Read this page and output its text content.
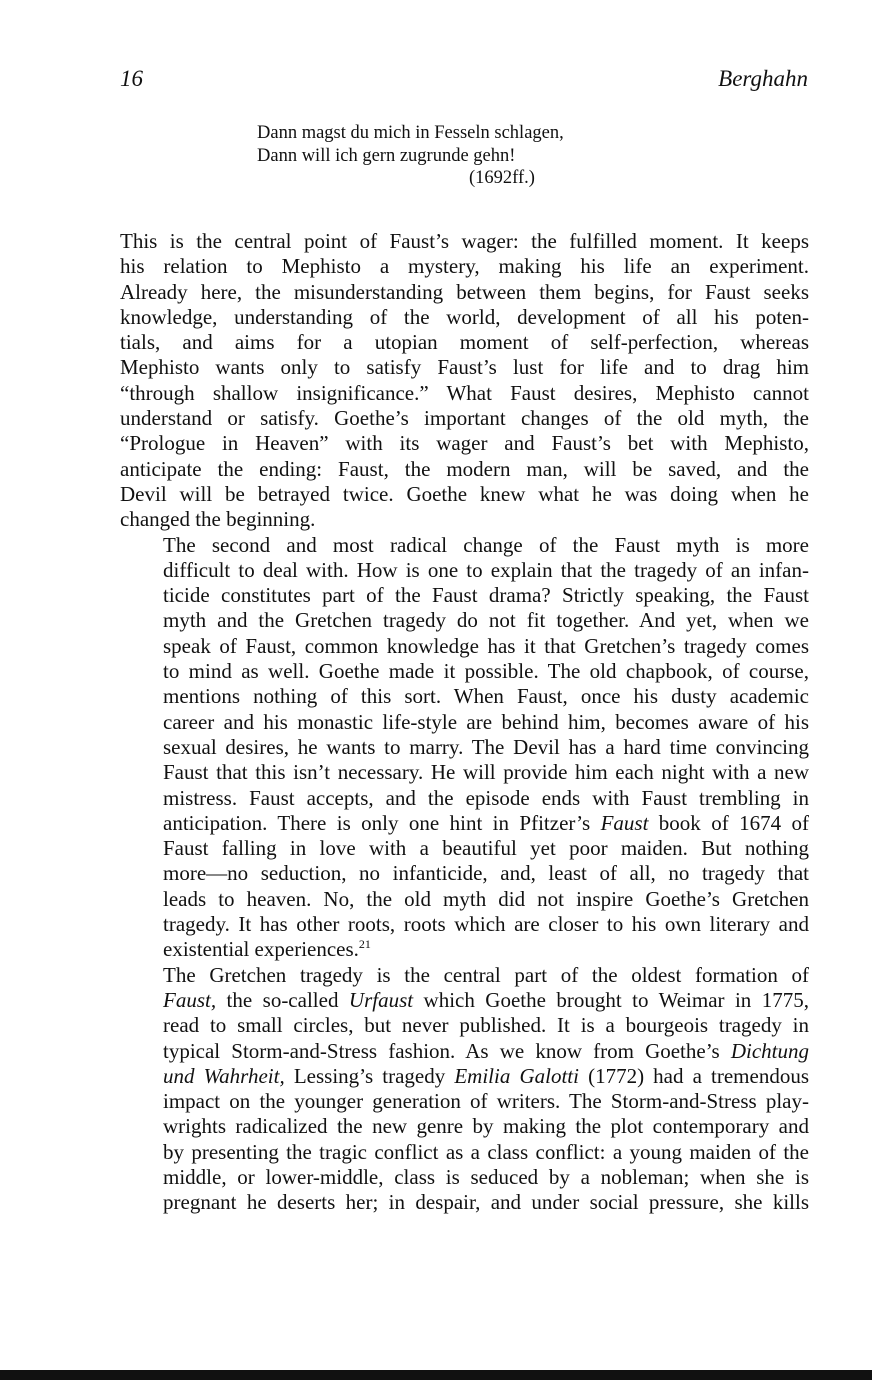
16	Berghahn
Dann magst du mich in Fesseln schlagen,
Dann will ich gern zugrunde gehn!
(1692ff.)
This is the central point of Faust’s wager: the fulfilled moment. It keeps
his relation to Mephisto a mystery, making his life an experiment.
Already here, the misunderstanding between them begins, for Faust seeks
knowledge, understanding of the world, development of all his poten-
tials, and aims for a utopian moment of self-perfection, whereas
Mephisto wants only to satisfy Faust’s lust for life and to drag him
“through shallow insignificance.” What Faust desires, Mephisto cannot
understand or satisfy. Goethe’s important changes of the old myth, the
“Prologue in Heaven” with its wager and Faust’s bet with Mephisto,
anticipate the ending: Faust, the modern man, will be saved, and the
Devil will be betrayed twice. Goethe knew what he was doing when he
changed the beginning.
The second and most radical change of the Faust myth is more
difficult to deal with. How is one to explain that the tragedy of an infan-
ticide constitutes part of the Faust drama? Strictly speaking, the Faust
myth and the Gretchen tragedy do not fit together. And yet, when we
speak of Faust, common knowledge has it that Gretchen’s tragedy comes
to mind as well. Goethe made it possible. The old chapbook, of course,
mentions nothing of this sort. When Faust, once his dusty academic
career and his monastic life-style are behind him, becomes aware of his
sexual desires, he wants to marry. The Devil has a hard time convincing
Faust that this isn’t necessary. He will provide him each night with a new
mistress. Faust accepts, and the episode ends with Faust trembling in
anticipation. There is only one hint in Pfitzer’s Faust book of 1674 of
Faust falling in love with a beautiful yet poor maiden. But nothing
more—no seduction, no infanticide, and, least of all, no tragedy that
leads to heaven. No, the old myth did not inspire Goethe’s Gretchen
tragedy. It has other roots, roots which are closer to his own literary and
existential experiences.$^{21}$
The Gretchen tragedy is the central part of the oldest formation of
Faust, the so-called Urfaust which Goethe brought to Weimar in 1775,
read to small circles, but never published. It is a bourgeois tragedy in
typical Storm-and-Stress fashion. As we know from Goethe’s Dichtung
und Wahrheit, Lessing’s tragedy Emilia Galotti (1772) had a tremendous
impact on the younger generation of writers. The Storm-and-Stress play-
wrights radicalized the new genre by making the plot contemporary and
by presenting the tragic conflict as a class conflict: a young maiden of the
middle, or lower-middle, class is seduced by a nobleman; when she is
pregnant he deserts her; in despair, and under social pressure, she kills
